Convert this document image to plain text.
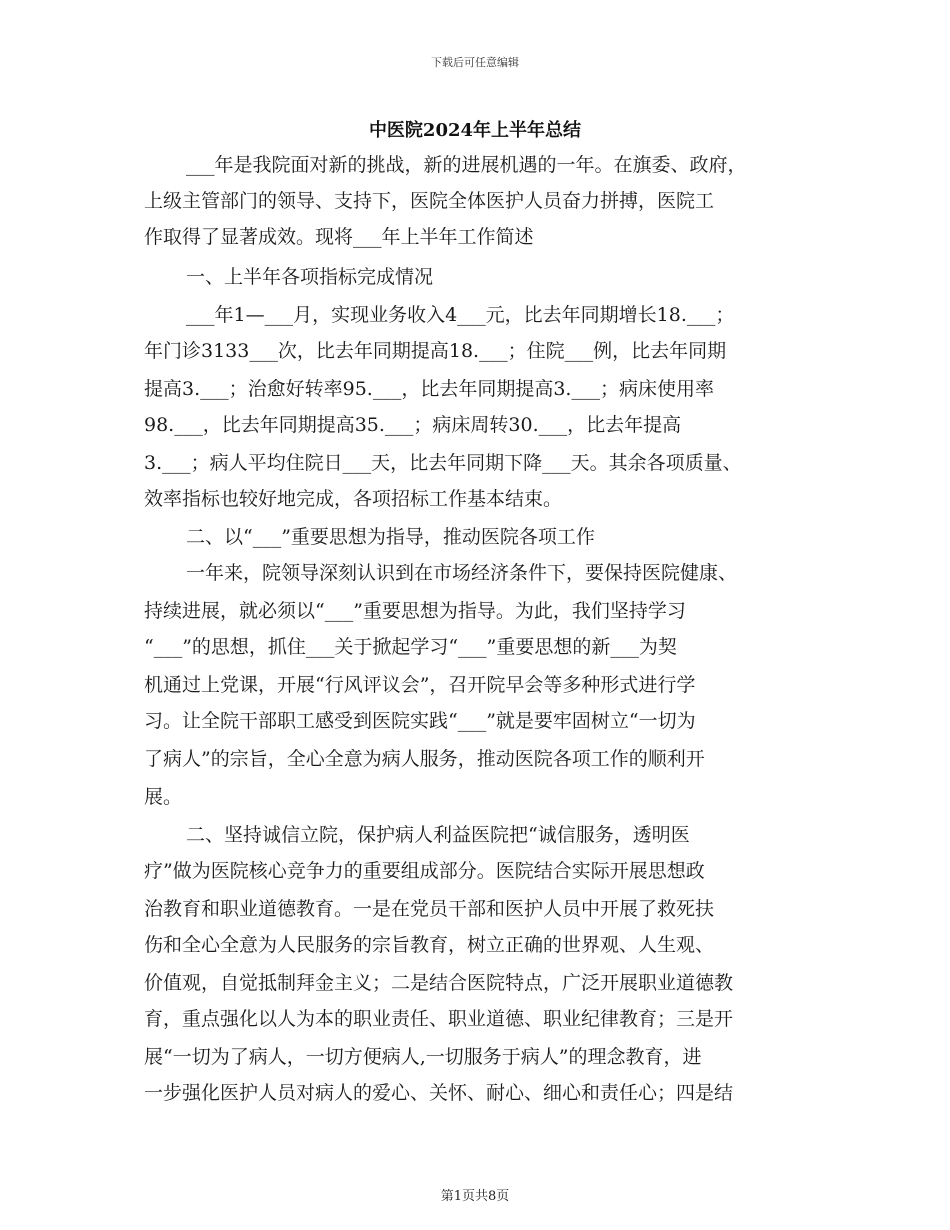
下载后可任意编辑
中医院2024年上半年总结
___年是我院面对新的挑战，新的进展机遇的一年。在旗委、政府，
上级主管部门的领导、支持下，医院全体医护人员奋力拼搏，医院工
作取得了显著成效。现将___年上半年工作简述
一、上半年各项指标完成情况
___年1—___月，实现业务收入4___元，比去年同期增长18.___；
年门诊3133___次，比去年同期提高18.___；住院___例，比去年同期
提高3.___；治愈好转率95.___，比去年同期提高3.___；病床使用率
98.___，比去年同期提高35.___；病床周转30.___，比去年提高
3.___；病人平均住院日___天，比去年同期下降___天。其余各项质量、
效率指标也较好地完成，各项招标工作基本结束。
二、以“___”重要思想为指导，推动医院各项工作
一年来，院领导深刻认识到在市场经济条件下，要保持医院健康、
持续进展，就必须以“___”重要思想为指导。为此，我们坚持学习
“___”的思想，抓住___关于掀起学习“___”重要思想的新___为契
机通过上党课，开展“行风评议会”，召开院早会等多种形式进行学
习。让全院干部职工感受到医院实践“___”就是要牢固树立“一切为
了病人”的宗旨，全心全意为病人服务，推动医院各项工作的顺利开
展。
二、坚持诚信立院，保护病人利益医院把“诚信服务，透明医
疗”做为医院核心竞争力的重要组成部分。医院结合实际开展思想政
治教育和职业道德教育。一是在党员干部和医护人员中开展了救死扶
伤和全心全意为人民服务的宗旨教育，树立正确的世界观、人生观、
价值观，自觉抵制拜金主义；二是结合医院特点，广泛开展职业道德教
育，重点强化以人为本的职业责任、职业道德、职业纪律教育；三是开
展“一切为了病人，一切方便病人,一切服务于病人”的理念教育，进
一步强化医护人员对病人的爱心、关怀、耐心、细心和责任心；四是结
第1页共8页
